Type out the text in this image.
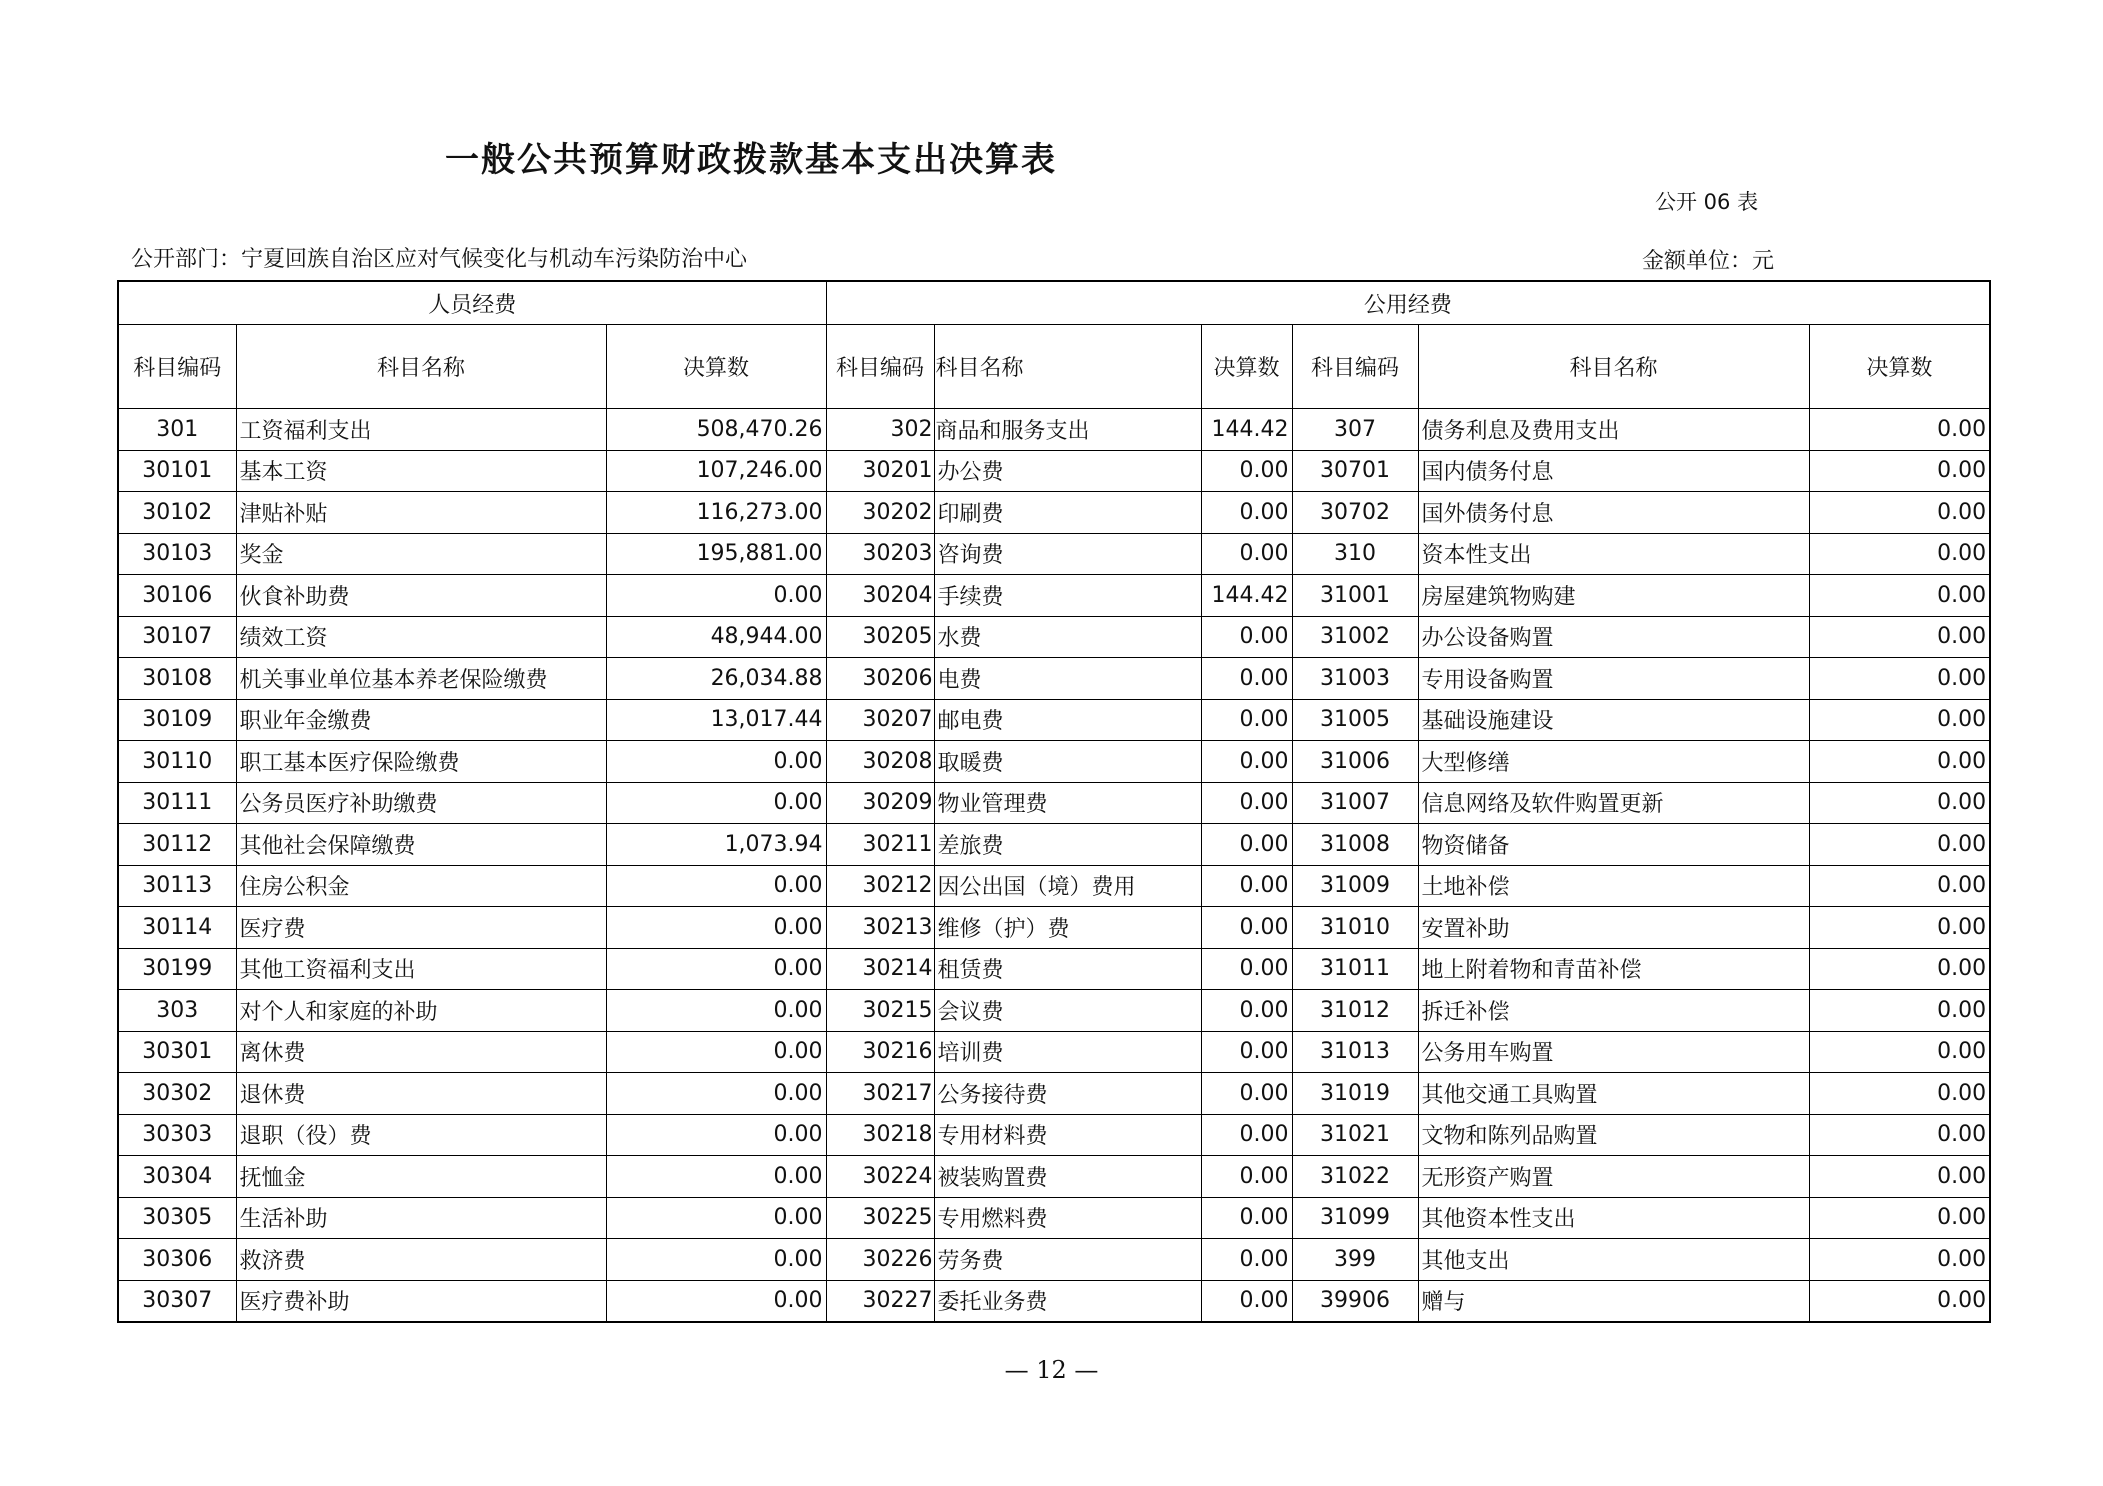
一般公共预算财政拨款基本支出决算表
公开 06 表
公开部门：宁夏回族自治区应对气候变化与机动车污染防治中心	金额单位：元
人员经费			公用经费					
科目编码	科目名称	决算数	科目编码	科目名称	决算数	科目编码	科目名称	决算数
301	工资福利支出	508,470.26	302	商品和服务支出	144.42	307	债务利息及费用支出	0.00
30101	基本工资	107,246.00	30201	办公费	0.00	30701	国内债务付息	0.00
30102	津贴补贴	116,273.00	30202	印刷费	0.00	30702	国外债务付息	0.00
30103	奖金	195,881.00	30203	咨询费	0.00	310	资本性支出	0.00
30106	伙食补助费	0.00	30204	手续费	144.42	31001	房屋建筑物购建	0.00
30107	绩效工资	48,944.00	30205	水费	0.00	31002	办公设备购置	0.00
30108	机关事业单位基本养老保险缴费	26,034.88	30206	电费	0.00	31003	专用设备购置	0.00
30109	职业年金缴费	13,017.44	30207	邮电费	0.00	31005	基础设施建设	0.00
30110	职工基本医疗保险缴费	0.00	30208	取暖费	0.00	31006	大型修缮	0.00
30111	公务员医疗补助缴费	0.00	30209	物业管理费	0.00	31007	信息网络及软件购置更新	0.00
30112	其他社会保障缴费	1,073.94	30211	差旅费	0.00	31008	物资储备	0.00
30113	住房公积金	0.00	30212	因公出国（境）费用	0.00	31009	土地补偿	0.00
30114	医疗费	0.00	30213	维修（护）费	0.00	31010	安置补助	0.00
30199	其他工资福利支出	0.00	30214	租赁费	0.00	31011	地上附着物和青苗补偿	0.00
303	对个人和家庭的补助	0.00	30215	会议费	0.00	31012	拆迁补偿	0.00
30301	离休费	0.00	30216	培训费	0.00	31013	公务用车购置	0.00
30302	退休费	0.00	30217	公务接待费	0.00	31019	其他交通工具购置	0.00
30303	退职（役）费	0.00	30218	专用材料费	0.00	31021	文物和陈列品购置	0.00
30304	抚恤金	0.00	30224	被装购置费	0.00	31022	无形资产购置	0.00
30305	生活补助	0.00	30225	专用燃料费	0.00	31099	其他资本性支出	0.00
30306	救济费	0.00	30226	劳务费	0.00	399	其他支出	0.00
30307	医疗费补助	0.00	30227	委托业务费	0.00	39906	赠与	0.00
— 12 —
